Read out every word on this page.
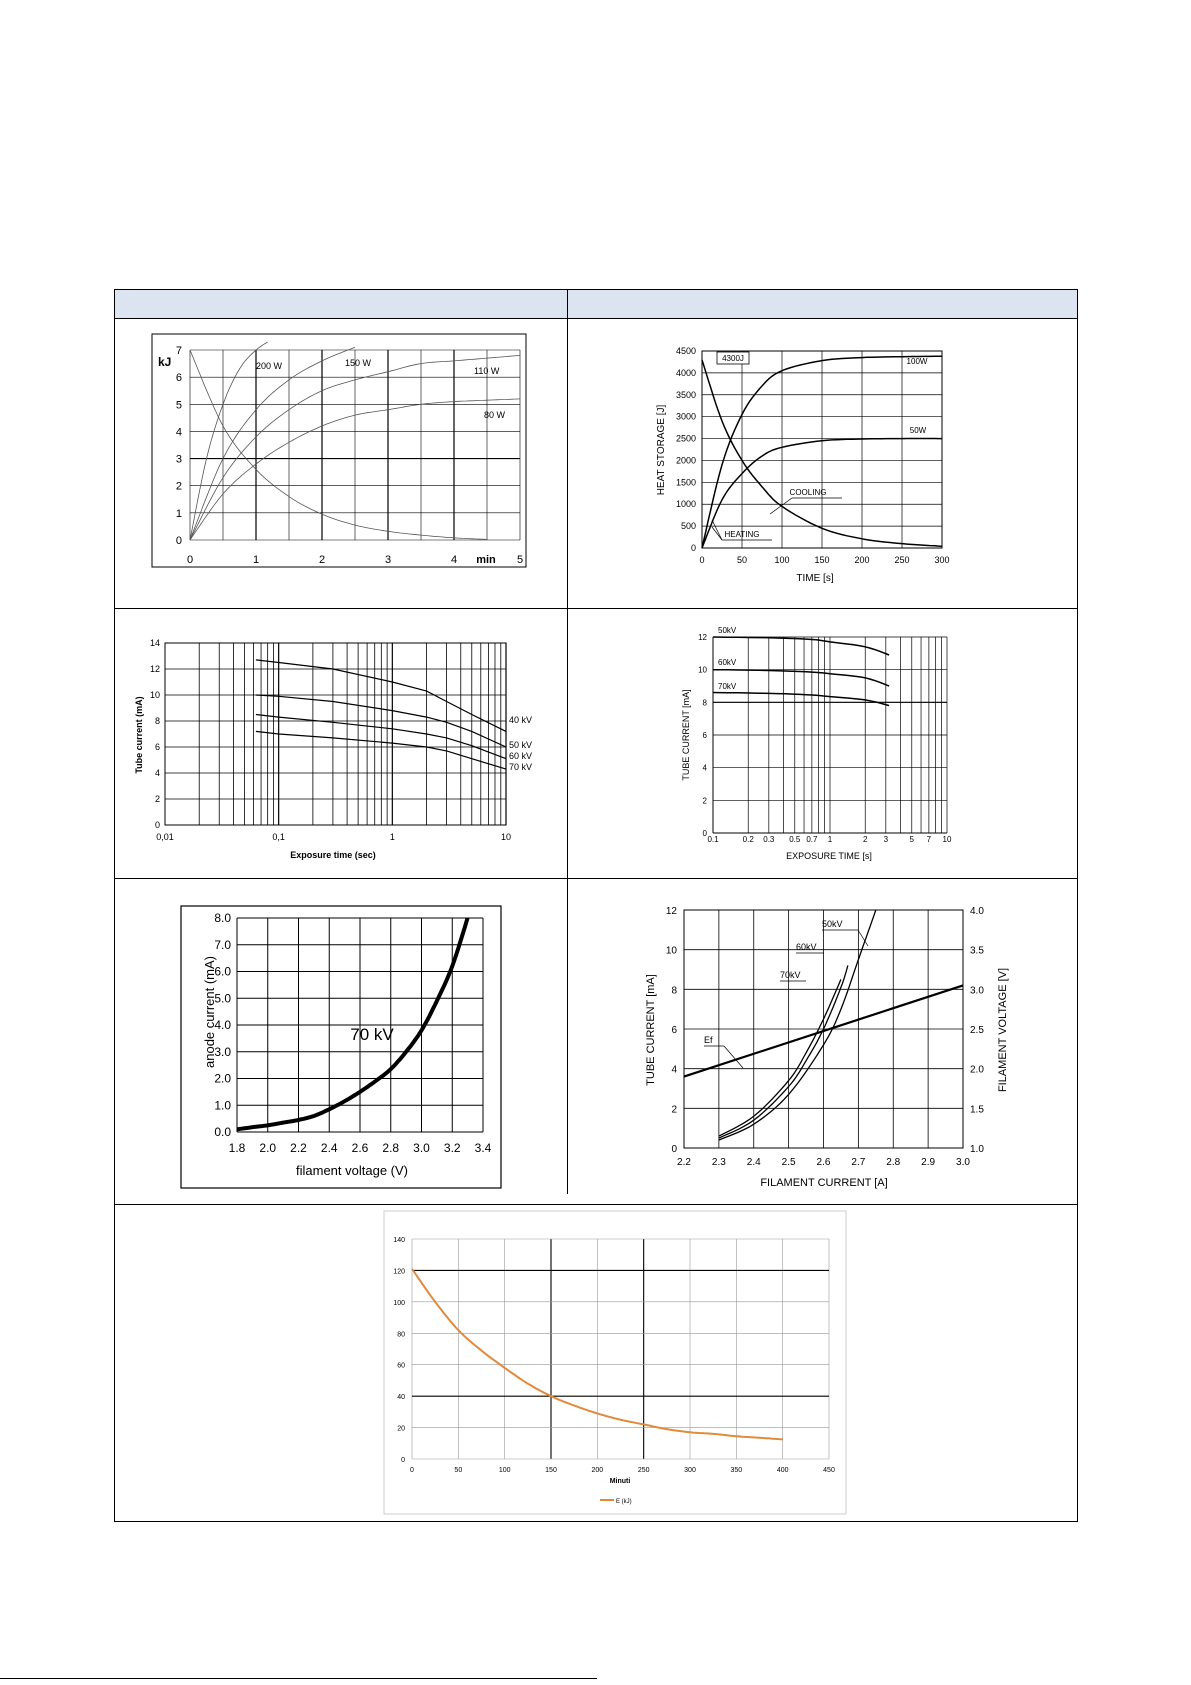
0	1	2	3	4	5
0
1
2
3
4
5
6
7
kJ
min
200 W	150 W
110 W
80 W
0	50	100	150	200	250	300
0
500
1000
1500
2000
2500
3000
3500
4000
4500
TIME [s]
HEAT STORAGE [J]
4300J	100W
50W
COOLING
HEATING
0,01	0,1	1	10
0
2
4
6
8
10
12
14
Exposure time (sec)
Tube current (mA)	40 kV
50 kV
60 kV
70 kV
0.1	0.2 0.3 0.5 0.7 1	2 3	5 7 10
0
2
4
6
8
10
12
EXPOSURE TIME [s]
TUBE CURRENT [mA]
50kV
60kV
70kV
1.8 2.0 2.2 2.4 2.6 2.8 3.0 3.2 3.4
0.0
1.0
2.0
3.0
4.0
5.0
6.0
7.0
8.0
filament voltage (V)
anode current (mA)	70 kV
2.2 2.3 2.4 2.5 2.6 2.7 2.8 2.9 3.0
0
2
4
6
8
10
12
1.0
1.5
2.0
2.5
3.0
3.5
4.0
FILAMENT CURRENT [A]
TUBE CURRENT [mA]	FILAMENT VOLTAGE [V]
50kV
60kV
70kV
Ef
0	50	100	150	200	250	300	350	400	450
0
20
40
60
80
100
120
140
Minuti
E (kJ)
